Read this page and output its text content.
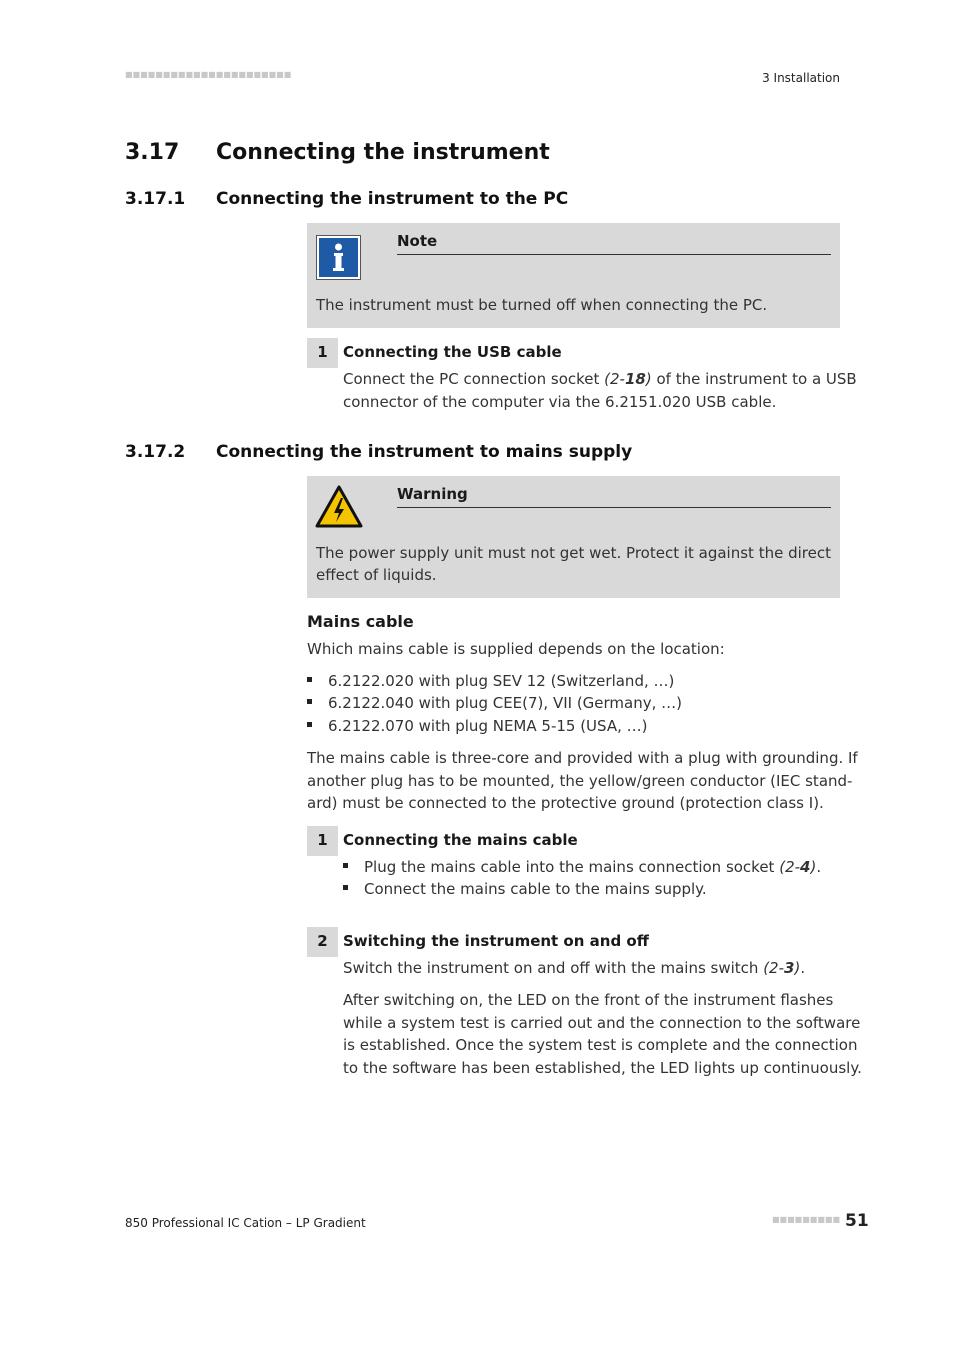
■■■■■■■■■■■■■■■■■■■■■■	3 Installation
3.17 Connecting the instrument
3.17.1 Connecting the instrument to the PC
Note
The instrument must be turned off when connecting the PC.
1	Connecting the USB cable
Connect the PC connection socket (2-18) of the instrument to a USB
connector of the computer via the 6.2151.020 USB cable.
3.17.2 Connecting the instrument to mains supply
Warning
The power supply unit must not get wet. Protect it against the direct
effect of liquids.
Mains cable
Which mains cable is supplied depends on the location:
6.2122.020 with plug SEV 12 (Switzerland, …)
6.2122.040 with plug CEE(7), VII (Germany, …)
6.2122.070 with plug NEMA 5-15 (USA, …)
The mains cable is three-core and provided with a plug with grounding. If
another plug has to be mounted, the yellow/green conductor (IEC stand-
ard) must be connected to the protective ground (protection class I).
1	Connecting the mains cable
Plug the mains cable into the mains connection socket (2-4).
Connect the mains cable to the mains supply.
2	Switching the instrument on and off
Switch the instrument on and off with the mains switch (2-3).
After switching on, the LED on the front of the instrument flashes
while a system test is carried out and the connection to the software
is established. Once the system test is complete and the connection
to the software has been established, the LED lights up continuously.
850 Professional IC Cation – LP Gradient	■■■■■■■■■ 51
